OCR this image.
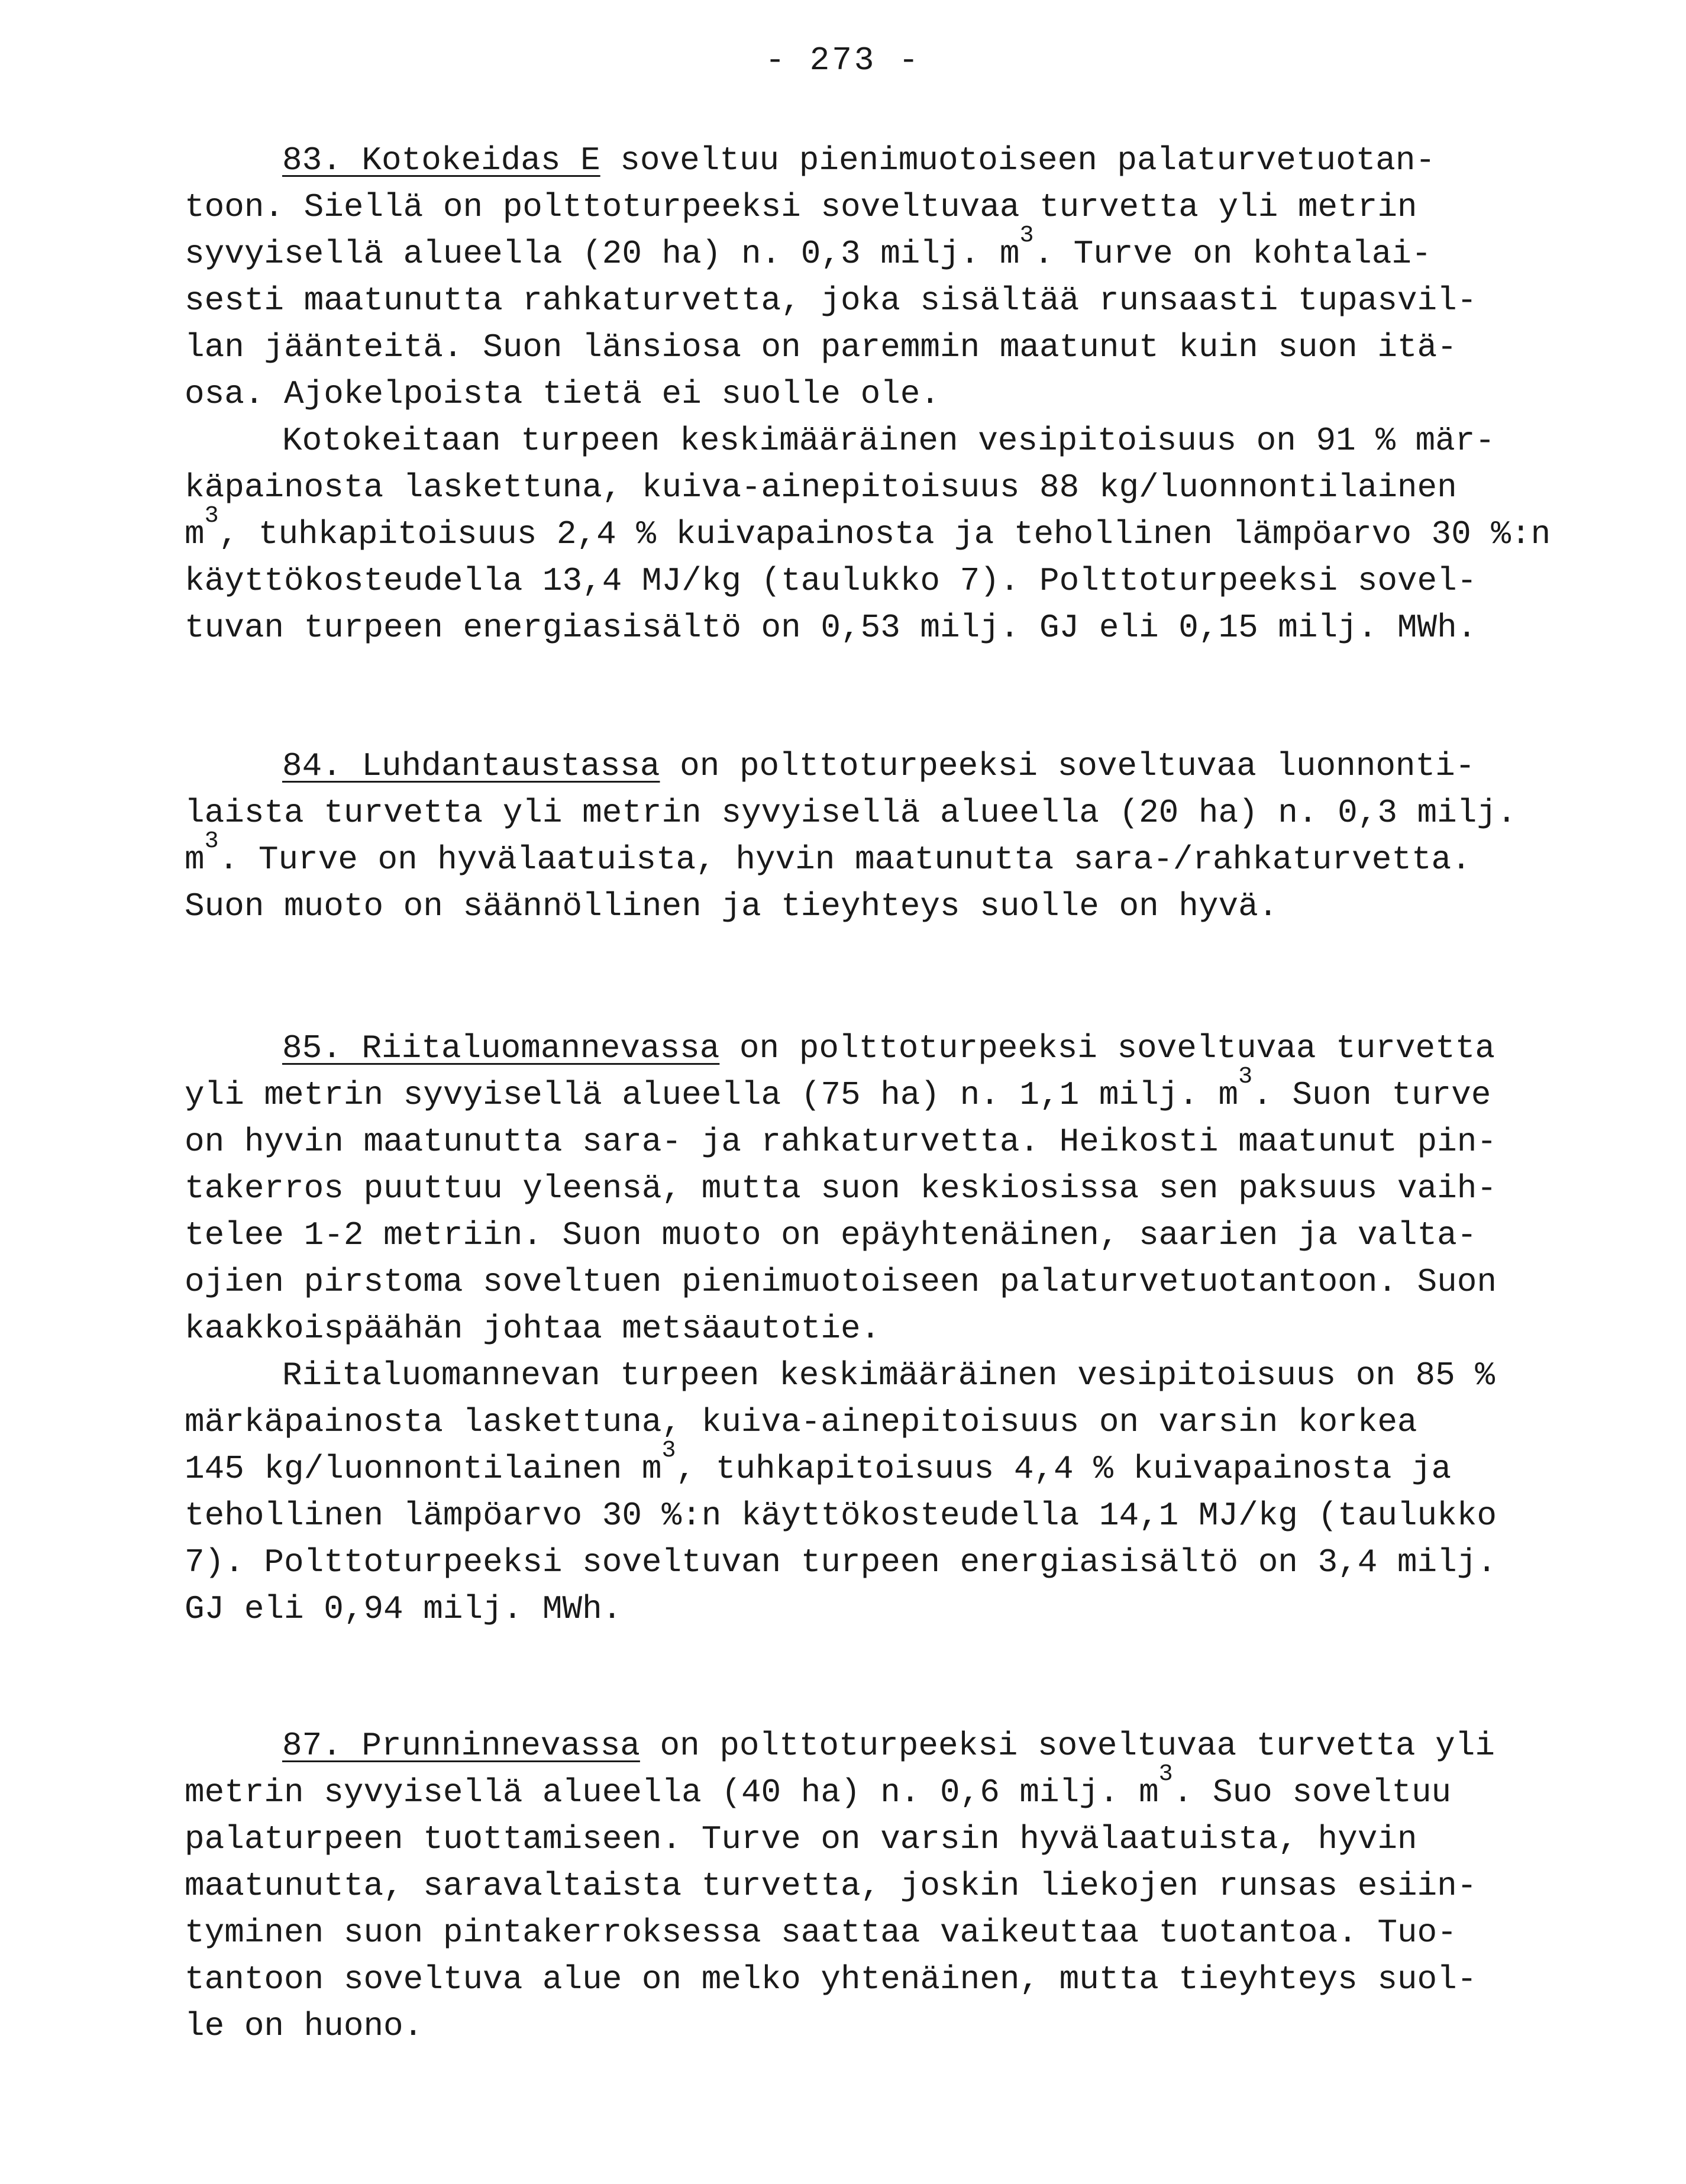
- 273 -
83. Kotokeidas E soveltuu pienimuotoiseen palaturvetuotan-
toon. Siellä on polttoturpeeksi soveltuvaa turvetta yli metrin
syvyisellä alueella (20 ha) n. 0,3 milj. $m^3$. Turve on kohtalai-
sesti maatunutta rahkaturvetta, joka sisältää runsaasti tupasvil-
lan jäänteitä. Suon länsiosa on paremmin maatunut kuin suon itä-
osa. Ajokelpoista tietä ei suolle ole.
Kotokeitaan turpeen keskimääräinen vesipitoisuus on 91 % mär-
käpainosta laskettuna, kuiva-ainepitoisuus 88 kg/luonnontilainen
$m^3$, tuhkapitoisuus 2,4 % kuivapainosta ja tehollinen lämpöarvo 30 %:n
käyttökosteudella 13,4 MJ/kg (taulukko 7). Polttoturpeeksi sovel-
tuvan turpeen energiasisältö on 0,53 milj. GJ eli 0,15 milj. MWh.
84. Luhdantaustassa on polttoturpeeksi soveltuvaa luonnonti-
laista turvetta yli metrin syvyisellä alueella (20 ha) n. 0,3 milj.
$m^3$. Turve on hyvälaatuista, hyvin maatunutta sara-/rahkaturvetta.
Suon muoto on säännöllinen ja tieyhteys suolle on hyvä.
85. Riitaluomannevassa on polttoturpeeksi soveltuvaa turvetta
yli metrin syvyisellä alueella (75 ha) n. 1,1 milj. $m^3$. Suon turve
on hyvin maatunutta sara- ja rahkaturvetta. Heikosti maatunut pin-
takerros puuttuu yleensä, mutta suon keskiosissa sen paksuus vaih-
telee 1-2 metriin. Suon muoto on epäyhtenäinen, saarien ja valta-
ojien pirstoma soveltuen pienimuotoiseen palaturvetuotantoon. Suon
kaakkoispäähän johtaa metsäautotie.
Riitaluomannevan turpeen keskimääräinen vesipitoisuus on 85 %
märkäpainosta laskettuna, kuiva-ainepitoisuus on varsin korkea
145 kg/luonnontilainen $m^3$, tuhkapitoisuus 4,4 % kuivapainosta ja
tehollinen lämpöarvo 30 %:n käyttökosteudella 14,1 MJ/kg (taulukko
7). Polttoturpeeksi soveltuvan turpeen energiasisältö on 3,4 milj.
GJ eli 0,94 milj. MWh.
87. Prunninnevassa on polttoturpeeksi soveltuvaa turvetta yli
metrin syvyisellä alueella (40 ha) n. 0,6 milj. $m^3$. Suo soveltuu
palaturpeen tuottamiseen. Turve on varsin hyvälaatuista, hyvin
maatunutta, saravaltaista turvetta, joskin liekojen runsas esiin-
tyminen suon pintakerroksessa saattaa vaikeuttaa tuotantoa. Tuo-
tantoon soveltuva alue on melko yhtenäinen, mutta tieyhteys suol-
le on huono.
